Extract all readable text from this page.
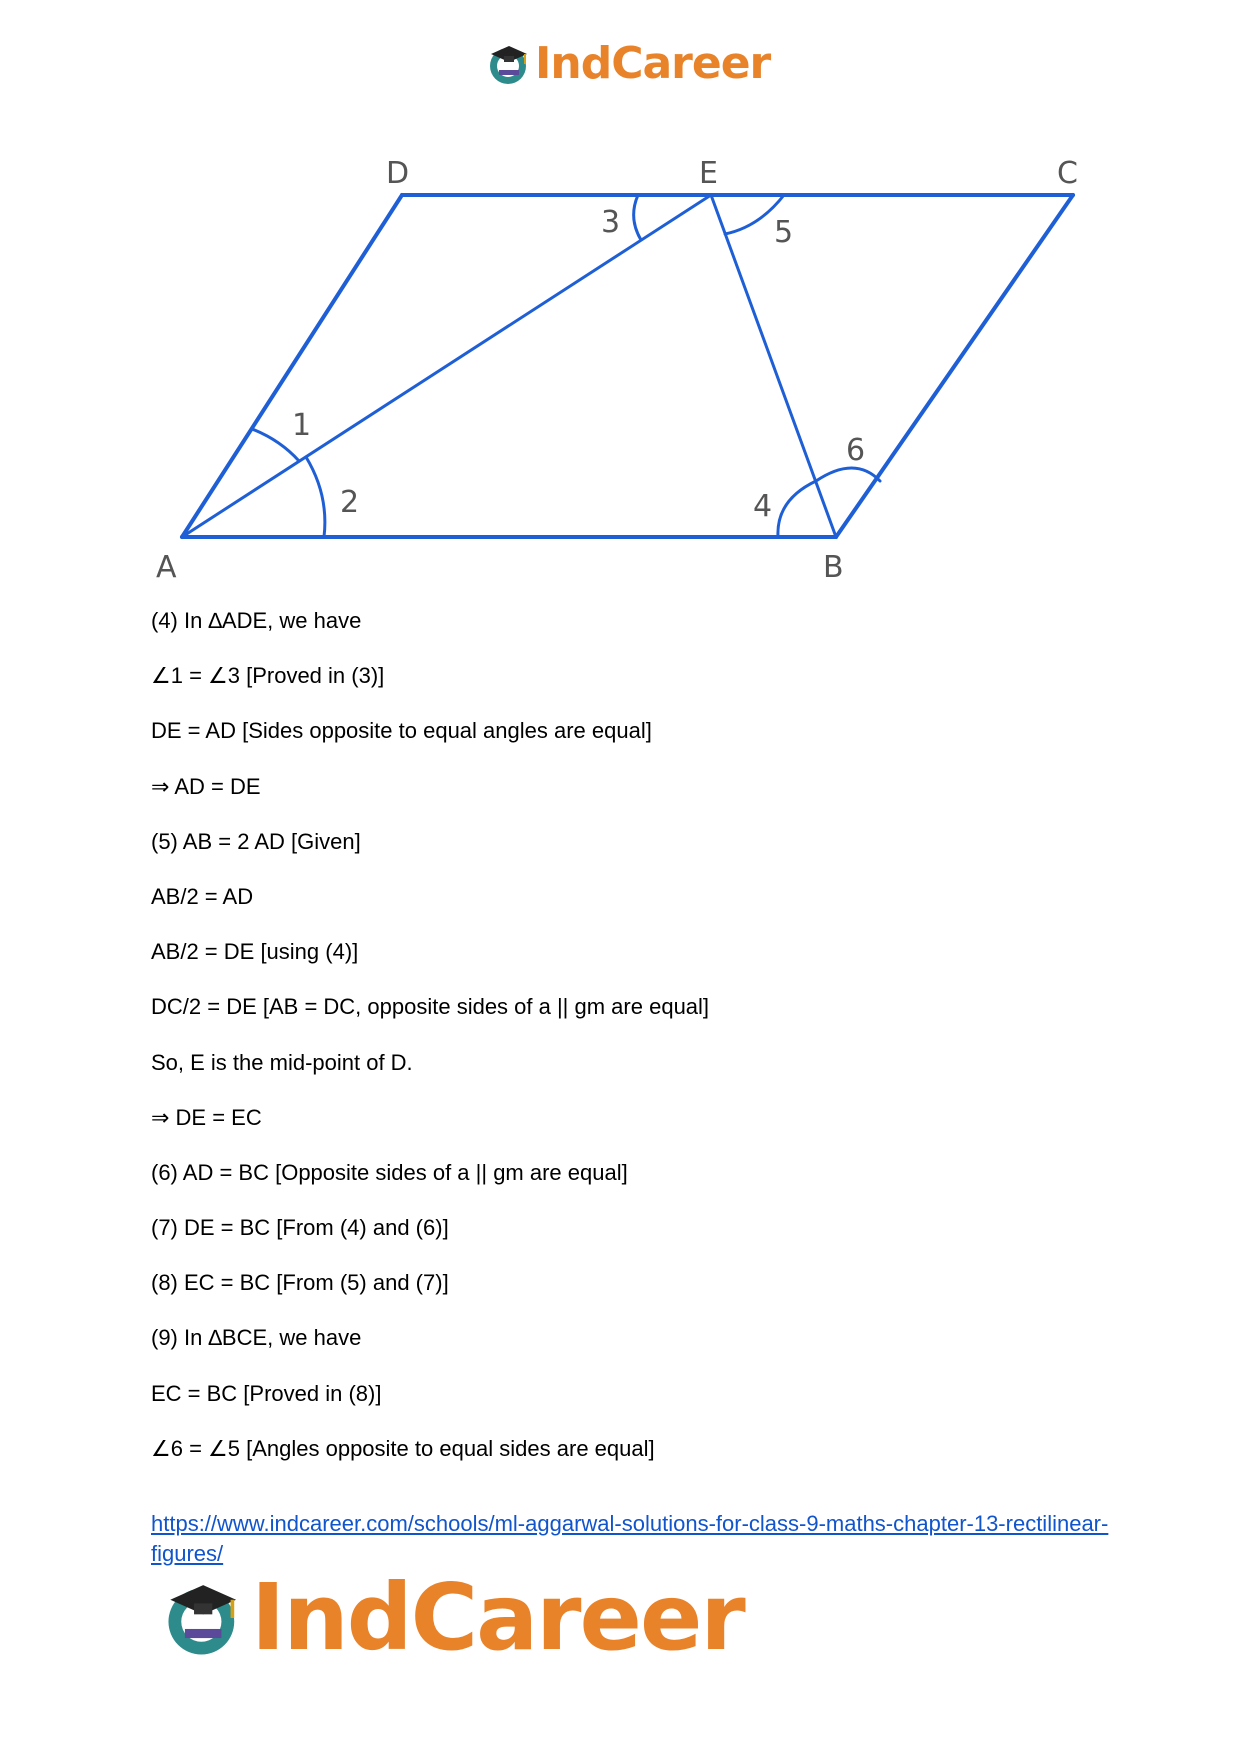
IndCareer
A	B
C
D	E
1
2
3
4
5
6
(4) In ∆ADE, we have
∠1 = ∠3 [Proved in (3)]
DE = AD [Sides opposite to equal angles are equal]
⇒ AD = DE
(5) AB = 2 AD [Given]
AB/2 = AD
AB/2 = DE [using (4)]
DC/2 = DE [AB = DC, opposite sides of a || gm are equal]
So, E is the mid-point of D.
⇒ DE = EC
(6) AD = BC [Opposite sides of a || gm are equal]
(7) DE = BC [From (4) and (6)]
(8) EC = BC [From (5) and (7)]
(9) In ∆BCE, we have
EC = BC [Proved in (8)]
∠6 = ∠5 [Angles opposite to equal sides are equal]
https://www.indcareer.com/schools/ml-aggarwal-solutions-for-class-9-maths-chapter-13-rectilinear-figures/
IndCareer
